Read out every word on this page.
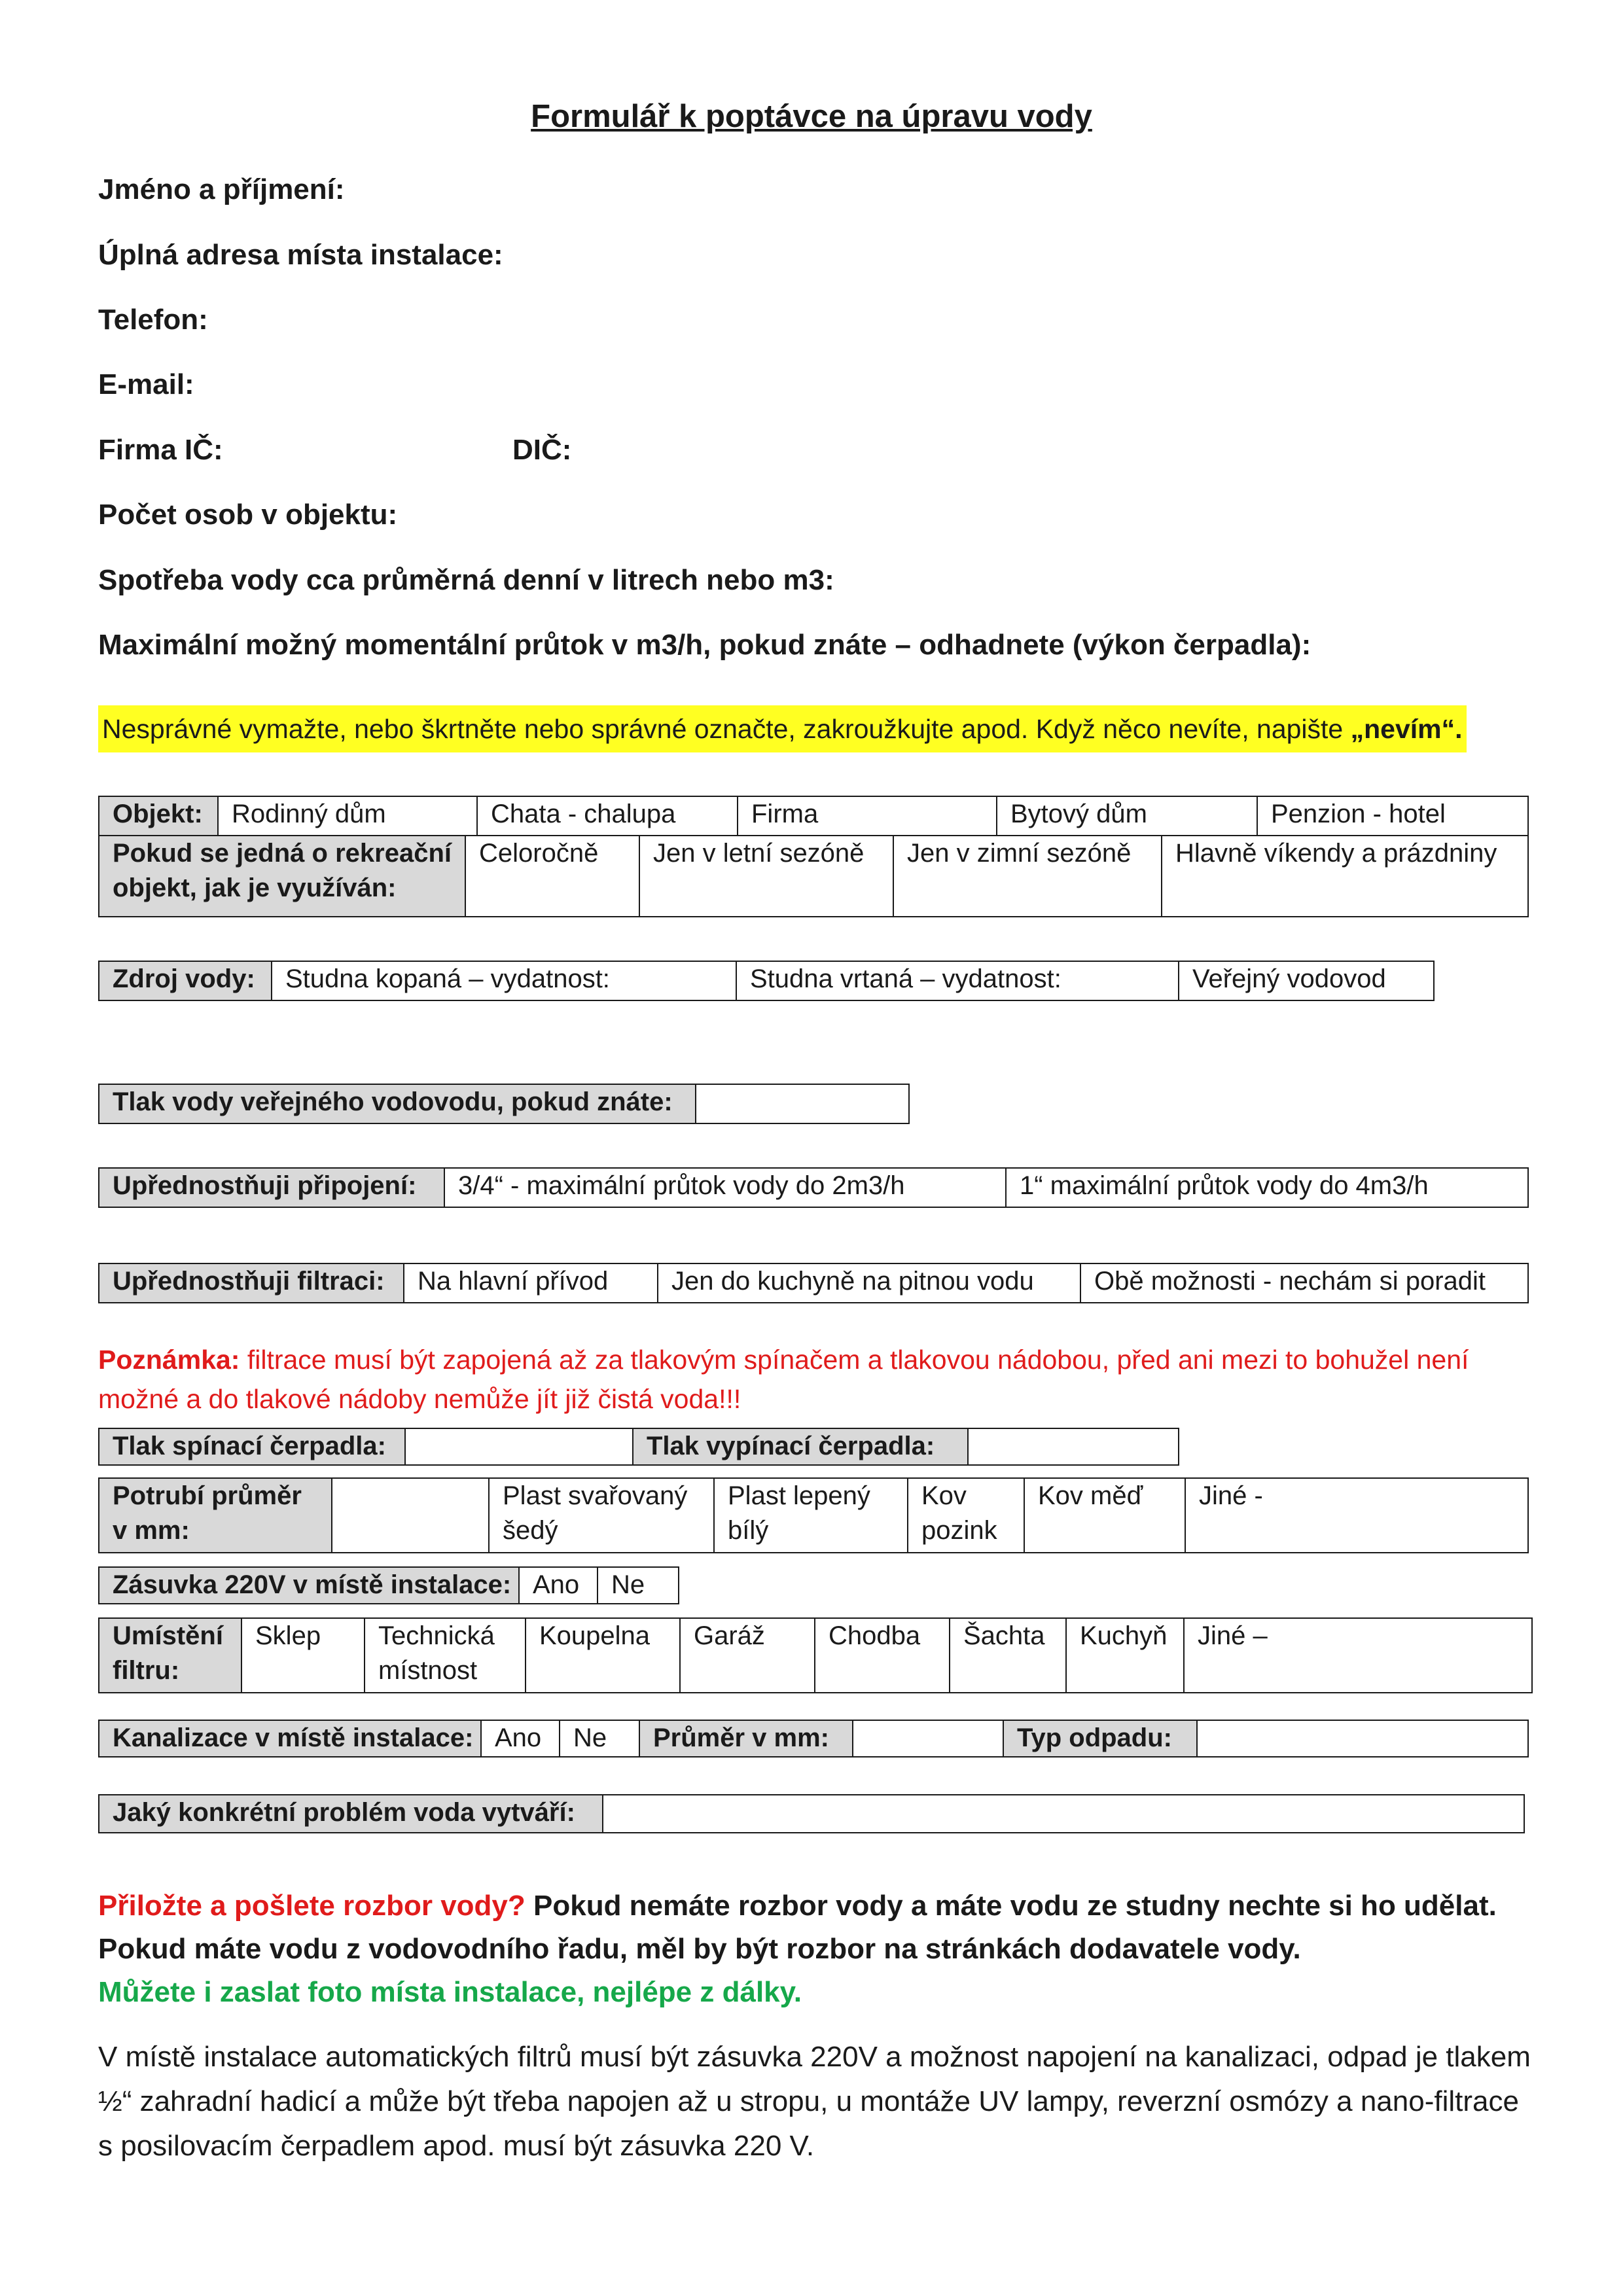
Formulář k poptávce na úpravu vody
Jméno a příjmení:
Úplná adresa místa instalace:
Telefon:
E-mail:
Firma IČ:	DIČ:
Počet osob v objektu:
Spotřeba vody cca průměrná denní v litrech nebo m3:
Maximální možný momentální průtok v m3/h, pokud znáte – odhadnete (výkon čerpadla):
Nesprávné vymažte, nebo škrtněte nebo správné označte, zakroužkujte apod. Když něco nevíte, napište „nevím“.
Objekt:	Rodinný dům	Chata - chalupa	Firma	Bytový dům	Penzion - hotel
Pokud se jedná o rekreační objekt, jak je využíván:	Celoročně	Jen v letní sezóně	Jen v zimní sezóně	Hlavně víkendy a prázdniny
Zdroj vody:	Studna kopaná – vydatnost:	Studna vrtaná – vydatnost:	Veřejný vodovod
Tlak vody veřejného vodovodu, pokud znáte:	
Upřednostňuji připojení:	3/4“ - maximální průtok vody do 2m3/h	1“ maximální průtok vody do 4m3/h
Upřednostňuji filtraci:	Na hlavní přívod	Jen do kuchyně na pitnou vodu	Obě možnosti - nechám si poradit
Poznámka: filtrace musí být zapojená až za tlakovým spínačem a tlakovou nádobou, před ani mezi to bohužel není možné a do tlakové nádoby nemůže jít již čistá voda!!!
Tlak spínací čerpadla:		Tlak vypínací čerpadla:	
Potrubí průměr v mm:		Plast svařovaný šedý	Plast lepený bílý	Kov pozink	Kov měď	Jiné -
Zásuvka 220V v místě instalace:	Ano	Ne
Umístění filtru:	Sklep	Technická místnost	Koupelna	Garáž	Chodba	Šachta	Kuchyň	Jiné –
Kanalizace v místě instalace:	Ano	Ne	Průměr v mm:		Typ odpadu:	
Jaký konkrétní problém voda vytváří:	
Přiložte a pošlete rozbor vody? Pokud nemáte rozbor vody a máte vodu ze studny nechte si ho udělat.
Pokud máte vodu z vodovodního řadu, měl by být rozbor na stránkách dodavatele vody.
Můžete i zaslat foto místa instalace, nejlépe z dálky.
V místě instalace automatických filtrů musí být zásuvka 220V a možnost napojení na kanalizaci, odpad je tlakem ½“ zahradní hadicí a může být třeba napojen až u stropu, u montáže UV lampy, reverzní osmózy a nano-filtrace s posilovacím čerpadlem apod. musí být zásuvka 220 V.
